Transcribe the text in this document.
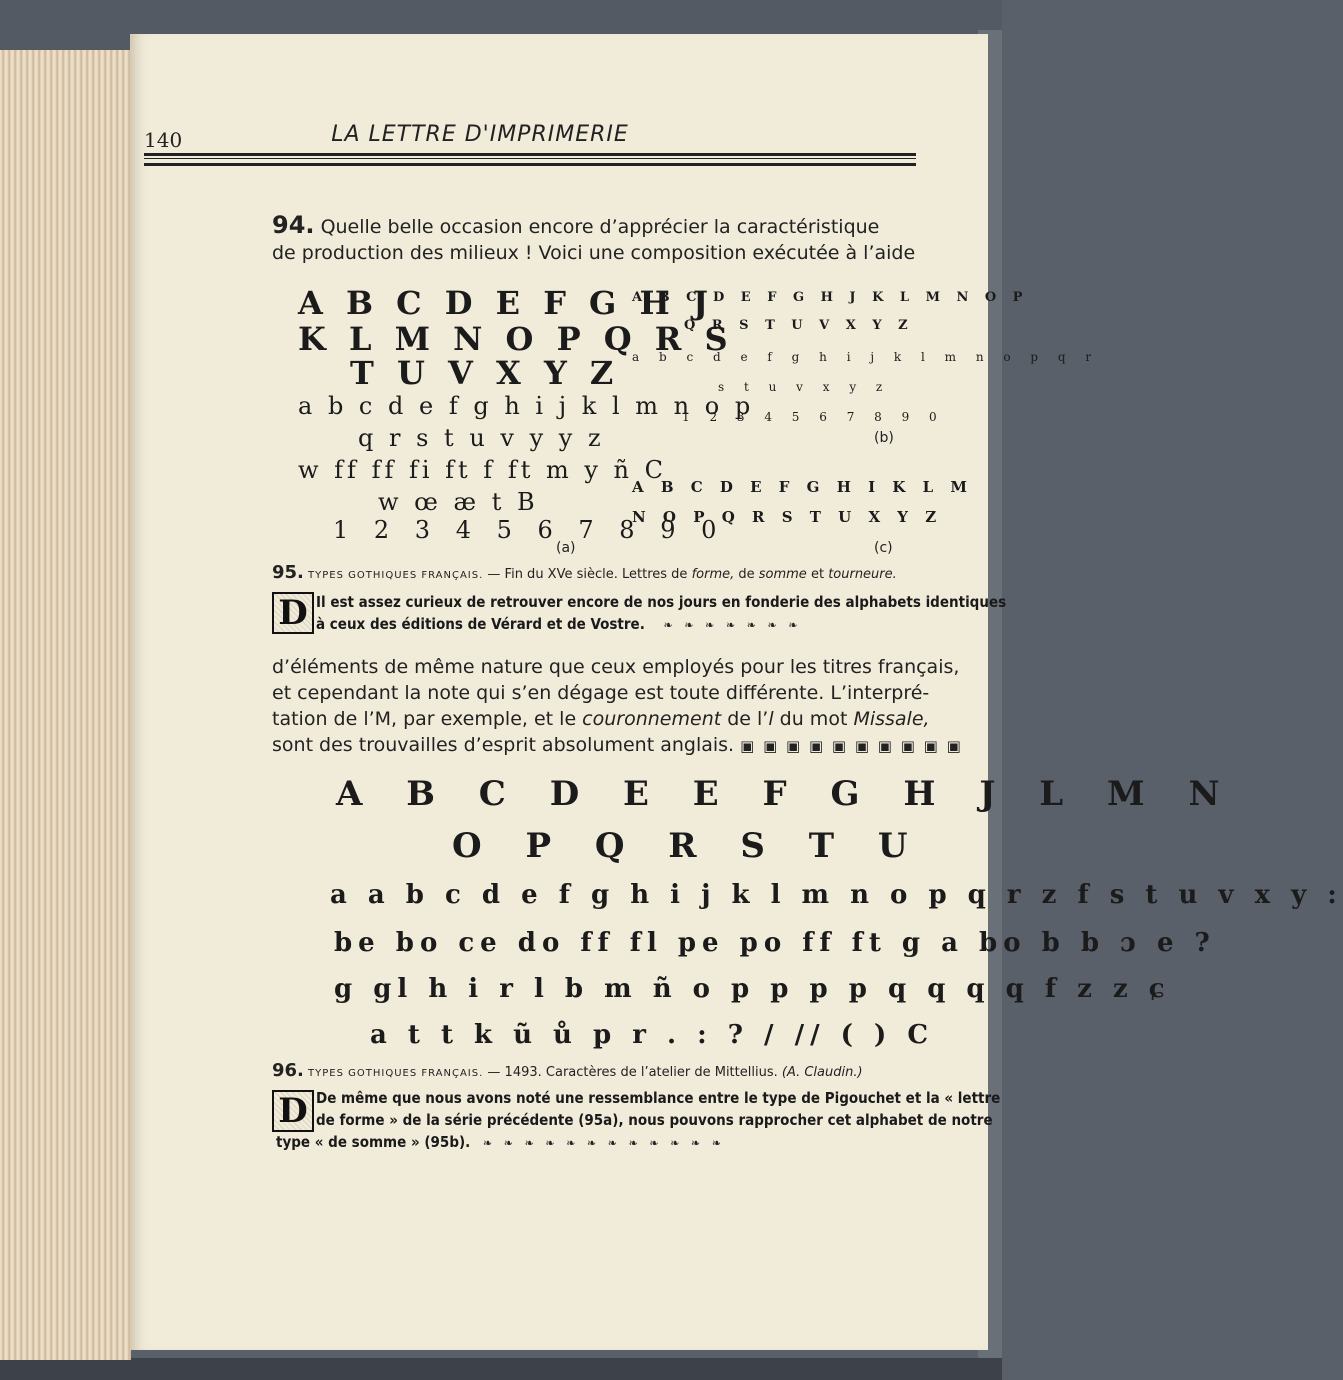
140	LA LETTRE D'IMPRIMERIE
94. Quelle belle occasion encore d’apprécier la caractéristique
de production des milieux ! Voici une composition exécutée à l’aide
A B C D E F G H J
K L M N O P Q R S
T U V X Y Z
a b c d e f g h i j k l m n o p
q r s t u v y y z
w ff ff fi ft f ft m y ñ C
w œ æ t B
1 2 3 4 5 6 7 8 9 0
(a)
A B C D E F G H J K L M N O P
Q R S T U V X Y Z
a b c d e f g h i j k l m n o p q r
s t u v x y z
1 2 3 4 5 6 7 8 9 0
(b)
A B C D E F G H I K L M
N O P Q R S T U X Y Z
(c)
95. TYPES GOTHIQUES FRANÇAIS. — Fin du XVe siècle. Lettres de forme, de somme et tourneure.
D Il est assez curieux de retrouver encore de nos jours en fonderie des alphabets identiques
à ceux des éditions de Vérard et de Vostre. ❧ ❧ ❧ ❧ ❧ ❧ ❧
d’éléments de même nature que ceux employés pour les titres français,
et cependant la note qui s’en dégage est toute différente. L’interpré-
tation de l’M, par exemple, et le couronnement de l’l du mot Missale,
sont des trouvailles d’esprit absolument anglais. ▣ ▣ ▣ ▣ ▣ ▣ ▣ ▣ ▣ ▣
A B C D E E F G H J L M N
O P Q R S T U
a a b c d e f g h i j k l m n o p q r z f s t u v x y :
be bo ce do ff fl pe po ff ft g a bo b b ɔ e ?
g gl h i r l b m ñ o p p p p q q q q f z z ɕ
a t t k ũ ů p r . : ? / // ( ) C
96. TYPES GOTHIQUES FRANÇAIS. — 1493. Caractères de l’atelier de Mittellius. (A. Claudin.)
D De même que nous avons noté une ressemblance entre le type de Pigouchet et la « lettre
de forme » de la série précédente (95a), nous pouvons rapprocher cet alphabet de notre
type « de somme » (95b). ❧ ❧ ❧ ❧ ❧ ❧ ❧ ❧ ❧ ❧ ❧ ❧
